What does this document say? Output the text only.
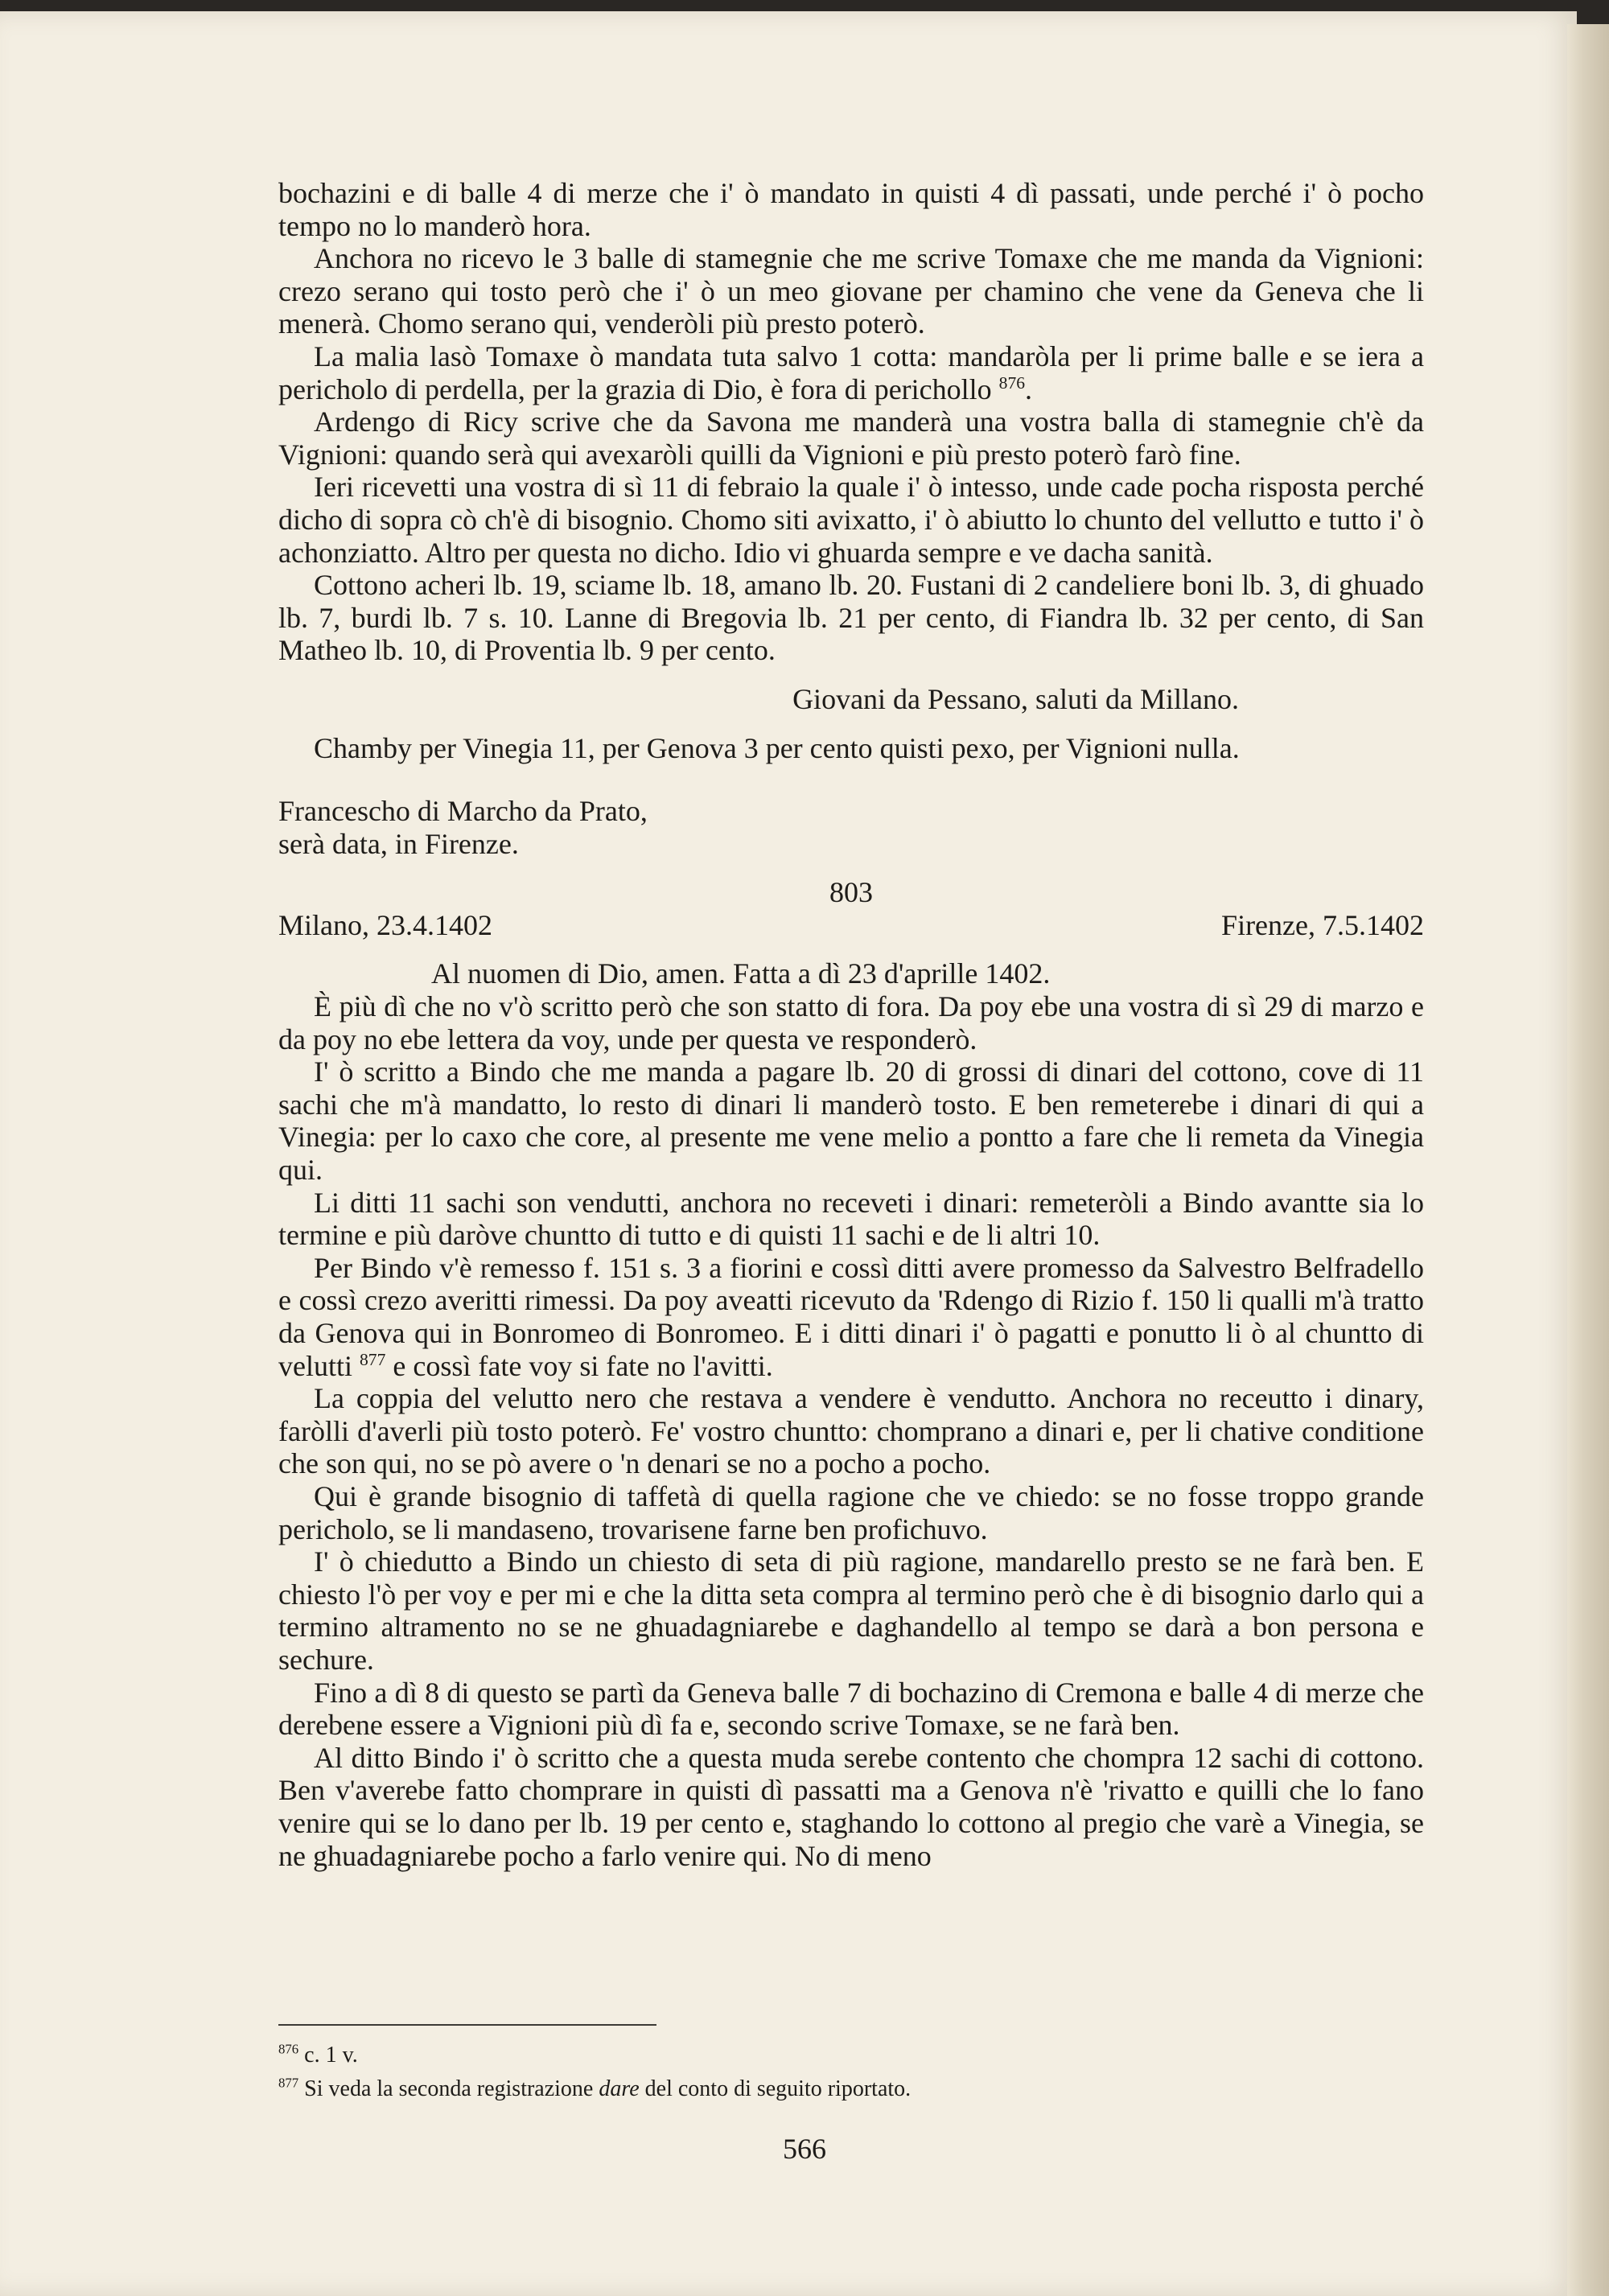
bochazini e di balle 4 di merze che i' ò mandato in quisti 4 dì passati, unde perché i' ò pocho tempo no lo manderò hora.

Anchora no ricevo le 3 balle di stamegnie che me scrive Tomaxe che me manda da Vignioni: crezo serano qui tosto però che i' ò un meo giovane per chamino che vene da Geneva che li menerà. Chomo serano qui, venderòli più presto poterò.

La malia lasò Tomaxe ò mandata tuta salvo 1 cotta: mandaròla per li prime balle e se iera a pericholo di perdella, per la grazia di Dio, è fora di perichollo $^{876}$.

Ardengo di Ricy scrive che da Savona me manderà una vostra balla di stamegnie ch'è da Vignioni: quando serà qui avexaròli quilli da Vignioni e più presto poterò farò fine.

Ieri ricevetti una vostra di sì 11 di febraio la quale i' ò intesso, unde cade pocha risposta perché dicho di sopra cò ch'è di bisognio. Chomo siti avixatto, i' ò abiutto lo chunto del vellutto e tutto i' ò achonziatto. Altro per questa no dicho. Idio vi ghuarda sempre e ve dacha sanità.

Cottono acheri lb. 19, sciame lb. 18, amano lb. 20. Fustani di 2 candeliere boni lb. 3, di ghuado lb. 7, burdi lb. 7 s. 10. Lanne di Bregovia lb. 21 per cento, di Fiandra lb. 32 per cento, di San Matheo lb. 10, di Proventia lb. 9 per cento.

Giovani da Pessano, saluti da Millano.

Chamby per Vinegia 11, per Genova 3 per cento quisti pexo, per Vignioni nulla.

Francescho di Marcho da Prato,

serà data, in Firenze.

803

Milano, 23.4.1402	Firenze, 7.5.1402

Al nuomen di Dio, amen. Fatta a dì 23 d'aprille 1402.

È più dì che no v'ò scritto però che son statto di fora. Da poy ebe una vostra di sì 29 di marzo e da poy no ebe lettera da voy, unde per questa ve responderò.

I' ò scritto a Bindo che me manda a pagare lb. 20 di grossi di dinari del cottono, cove di 11 sachi che m'à mandatto, lo resto di dinari li manderò tosto. E ben remeterebe i dinari di qui a Vinegia: per lo caxo che core, al presente me vene melio a pontto a fare che li remeta da Vinegia qui.

Li ditti 11 sachi son vendutti, anchora no receveti i dinari: remeteròli a Bindo avantte sia lo termine e più daròve chuntto di tutto e di quisti 11 sachi e de li altri 10.

Per Bindo v'è remesso f. 151 s. 3 a fiorini e cossì ditti avere promesso da Salvestro Belfradello e cossì crezo averitti rimessi. Da poy aveatti ricevuto da 'Rdengo di Rizio f. 150 li qualli m'à tratto da Genova qui in Bonromeo di Bonromeo. E i ditti dinari i' ò pagatti e ponutto li ò al chuntto di velutti $^{877}$ e cossì fate voy si fate no l'avitti.

La coppia del velutto nero che restava a vendere è vendutto. Anchora no receutto i dinary, faròlli d'averli più tosto poterò. Fe' vostro chuntto: chomprano a dinari e, per li chative conditione che son qui, no se pò avere o 'n denari se no a pocho a pocho.

Qui è grande bisognio di taffetà di quella ragione che ve chiedo: se no fosse troppo grande pericholo, se li mandaseno, trovarisene farne ben profichuvo.

I' ò chiedutto a Bindo un chiesto di seta di più ragione, mandarello presto se ne farà ben. E chiesto l'ò per voy e per mi e che la ditta seta compra al termino però che è di bisognio darlo qui a termino altramento no se ne ghuadagniarebe e daghandello al tempo se darà a bon persona e sechure.

Fino a dì 8 di questo se partì da Geneva balle 7 di bochazino di Cremona e balle 4 di merze che derebene essere a Vignioni più dì fa e, secondo scrive Tomaxe, se ne farà ben.

Al ditto Bindo i' ò scritto che a questa muda serebe contento che chompra 12 sachi di cottono. Ben v'averebe fatto chomprare in quisti dì passatti ma a Genova n'è 'rivatto e quilli che lo fano venire qui se lo dano per lb. 19 per cento e, staghando lo cottono al pregio che varè a Vinegia, se ne ghuadagniarebe pocho a farlo venire qui. No di meno

$^{876}$ c. 1 v.

$^{877}$ Si veda la seconda registrazione dare del conto di seguito riportato.

566
